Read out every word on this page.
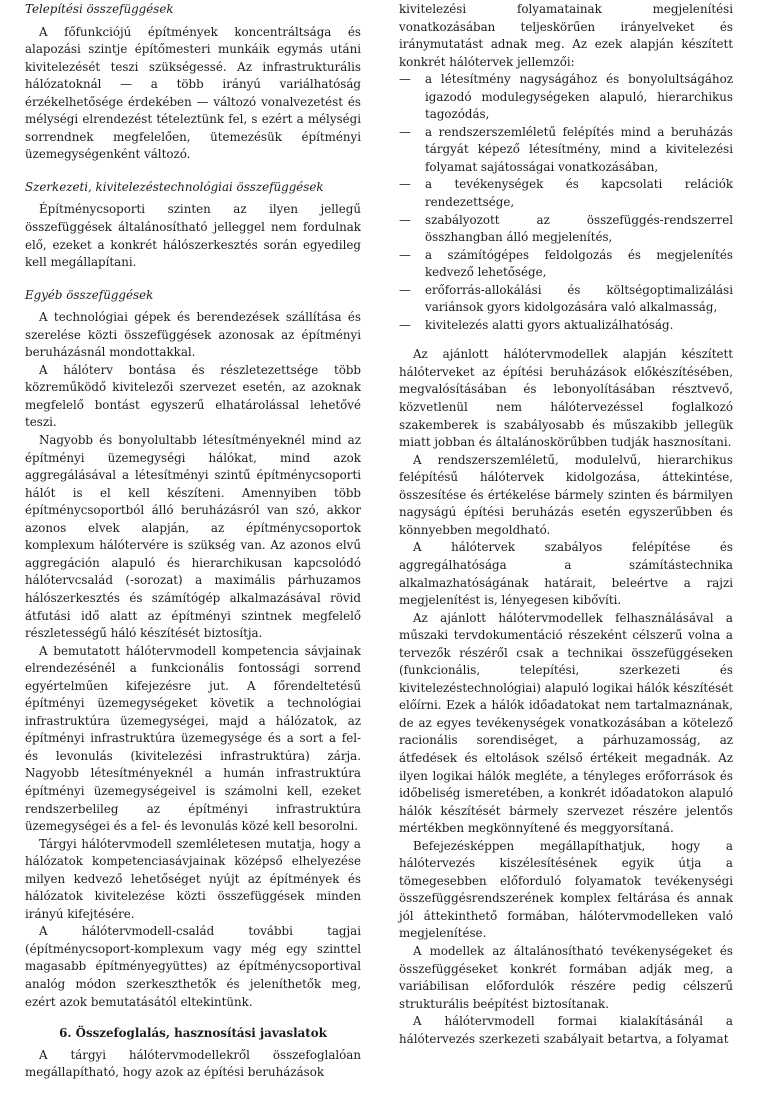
Telepítési összefüggések

A főfunkciójú építmények koncentráltsága és alapozási szintje építőmesteri munkáik egymás utáni kivitelezését teszi szükségessé. Az infrastrukturális hálózatoknál — a több irányú variálhatóság érzékelhetősége érdekében — változó vonalvezetést és mélységi elrendezést tételeztünk fel, s ezért a mélységi sorrendnek megfelelően, ütemezésük építményi üzemegységenként változó.

Szerkezeti, kivitelezéstechnológiai összefüggések

Építménycsoporti szinten az ilyen jellegű összefüggések általánosítható jelleggel nem fordulnak elő, ezeket a konkrét hálószerkesztés során egyedileg kell megállapítani.

Egyéb összefüggések

A technológiai gépek és berendezések szállítása és szerelése közti összefüggések azonosak az építményi beruházásnál mondottakkal.

A hálóterv bontása és részletezettsége több közreműködő kivitelezői szervezet esetén, az azoknak megfelelő bontást egyszerű elhatárolással lehetővé teszi.

Nagyobb és bonyolultabb létesítményeknél mind az építményi üzemegységi hálókat, mind azok aggregálásával a létesítményi szintű építménycsoporti hálót is el kell készíteni. Amennyiben több építménycsoportból álló beruházásról van szó, akkor azonos elvek alapján, az építménycsoportok komplexum hálótervére is szükség van. Az azonos elvű aggregáción alapuló és hierarchikusan kapcsolódó hálótervcsalád (-sorozat) a maximális párhuzamos hálószerkesztés és számítógép alkalmazásával rövid átfutási idő alatt az építményi szintnek megfelelő részletességű háló készítését biztosítja.

A bemutatott hálótervmodell kompetencia sávjainak elrendezésénél a funkcionális fontossági sorrend egyértelműen kifejezésre jut. A főrendeltetésű építményi üzemegységeket követik a technológiai infrastruktúra üzemegységei, majd a hálózatok, az építményi infrastruktúra üzemegysége és a sort a fel- és levonulás (kivitelezési infrastruktúra) zárja. Nagyobb létesítményeknél a humán infrastruktúra építményi üzemegységeivel is számolni kell, ezeket rendszerbelileg az építményi infrastruktúra üzemegységei és a fel- és levonulás közé kell besorolni.

Tárgyi hálótervmodell szemléletesen mutatja, hogy a hálózatok kompetenciasávjainak középső elhelyezése milyen kedvező lehetőséget nyújt az építmények és hálózatok kivitelezése közti összefüggések minden irányú kifejtésére.

A hálótervmodell-család további tagjai (építménycsoport-komplexum vagy még egy szinttel magasabb építményegyüttes) az építménycsoportival analóg módon szerkeszthetők és jeleníthetők meg, ezért azok bemutatásától eltekintünk.

6. Összefoglalás, hasznosítási javaslatok

A tárgyi hálótervmodellekről összefoglalóan megállapítható, hogy azok az építési beruházások

kivitelezési folyamatainak megjelenítési vonatkozásában teljeskörűen irányelveket és iránymutatást adnak meg. Az ezek alapján készített konkrét hálótervek jellemzői:

— a létesítmény nagyságához és bonyolultságához igazodó modulegységeken alapuló, hierarchikus tagozódás,
— a rendszerszemléletű felépítés mind a beruházás tárgyát képező létesítmény, mind a kivitelezési folyamat sajátosságai vonatkozásában,
— a tevékenységek és kapcsolati relációk rendezettsége,
— szabályozott az összefüggés-rendszerrel összhangban álló megjelenítés,
— a számítógépes feldolgozás és megjelenítés kedvező lehetősége,
— erőforrás-allokálási és költségoptimalizálási variánsok gyors kidolgozására való alkalmasság,
— kivitelezés alatti gyors aktualizálhatóság.

Az ajánlott hálótervmodellek alapján készített hálóterveket az építési beruházások előkészítésében, megvalósításában és lebonyolításában résztvevő, közvetlenül nem hálótervezéssel foglalkozó szakemberek is szabályosabb és műszakibb jellegük miatt jobban és általánoskörűbben tudják hasznosítani.

A rendszerszemléletű, modulelvű, hierarchikus felépítésű hálótervek kidolgozása, áttekintése, összesítése és értékelése bármely szinten és bármilyen nagyságú építési beruházás esetén egyszerűbben és könnyebben megoldható.

A hálótervek szabályos felépítése és aggregálhatósága a számítástechnika alkalmazhatóságának határait, beleértve a rajzi megjelenítést is, lényegesen kibővíti.

Az ajánlott hálótervmodellek felhasználásával a műszaki tervdokumentáció részeként célszerű volna a tervezők részéről csak a technikai összefüggéseken (funkcionális, telepítési, szerkezeti és kivitelezéstechnológiai) alapuló logikai hálók készítését előírni. Ezek a hálók időadatokat nem tartalmaznának, de az egyes tevékenységek vonatkozásában a kötelező racionális sorendiséget, a párhuzamosság, az átfedések és eltolások szélső értékeit megadnák. Az ilyen logikai hálók megléte, a tényleges erőforrások és időbeliség ismeretében, a konkrét időadatokon alapuló hálók készítését bármely szervezet részére jelentős mértékben megkönnyítené és meggyorsítaná.

Befejezésképpen megállapíthatjuk, hogy a hálótervezés kiszélesítésének egyik útja a tömegesebben előforduló folyamatok tevékenységi összefüggésrendszerének komplex feltárása és annak jól áttekinthető formában, hálótervmodelleken való megjelenítése.

A modellek az általánosítható tevékenységeket és összefüggéseket konkrét formában adják meg, a variábilisan előfordulók részére pedig célszerű strukturális beépítést biztosítanak.

A hálótervmodell formai kialakításánál a hálótervezés szerkezeti szabályait betartva, a folyamat
